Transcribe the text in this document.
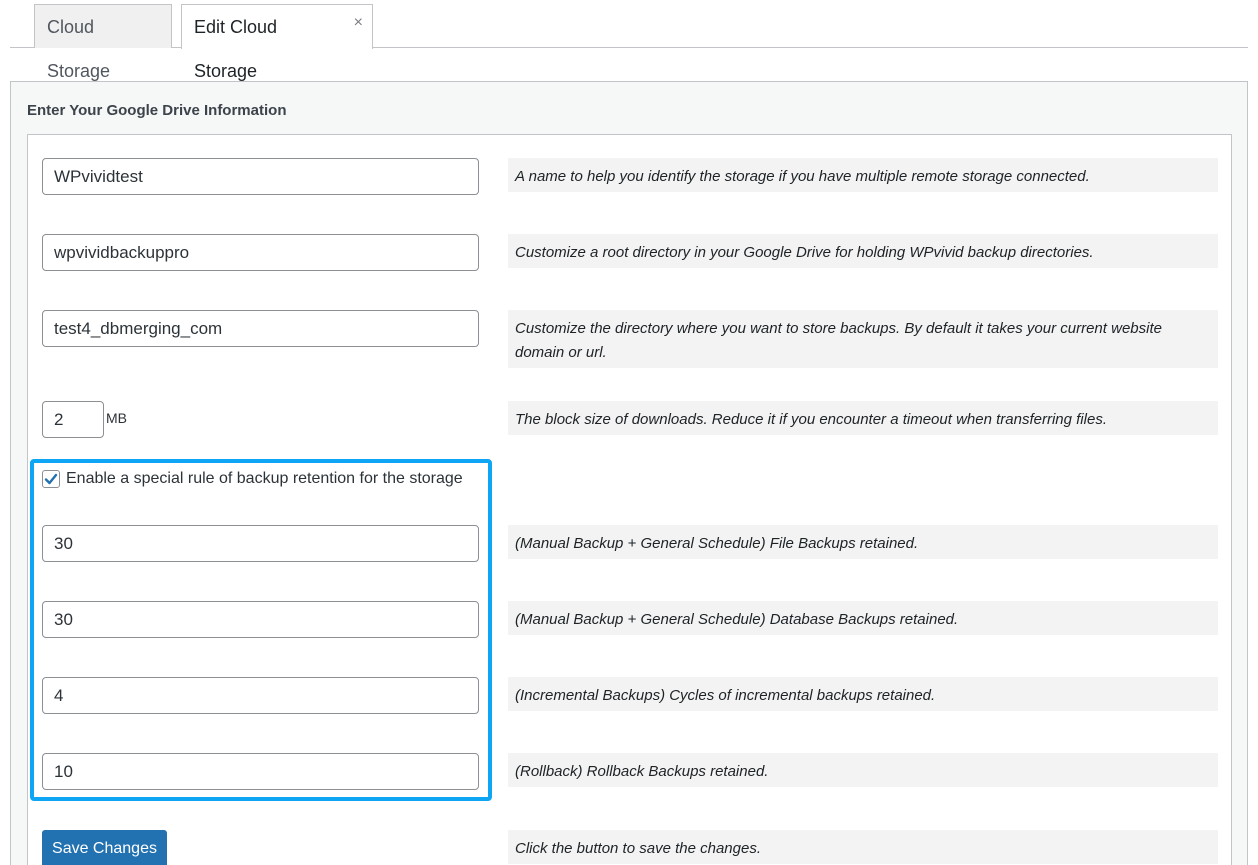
Cloud Storage
Edit Cloud Storage
×
Enter Your Google Drive Information
WPvividtest
A name to help you identify the storage if you have multiple remote storage connected.
wpvividbackuppro
Customize a root directory in your Google Drive for holding WPvivid backup directories.
test4_dbmerging_com
Customize the directory where you want to store backups. By default it takes your current website domain or url.
2
MB	The block size of downloads. Reduce it if you encounter a timeout when transferring files.
Enable a special rule of backup retention for the storage
30
(Manual Backup + General Schedule) File Backups retained.
30
(Manual Backup + General Schedule) Database Backups retained.
4
(Incremental Backups) Cycles of incremental backups retained.
10
(Rollback) Rollback Backups retained.
Save Changes	Click the button to save the changes.
